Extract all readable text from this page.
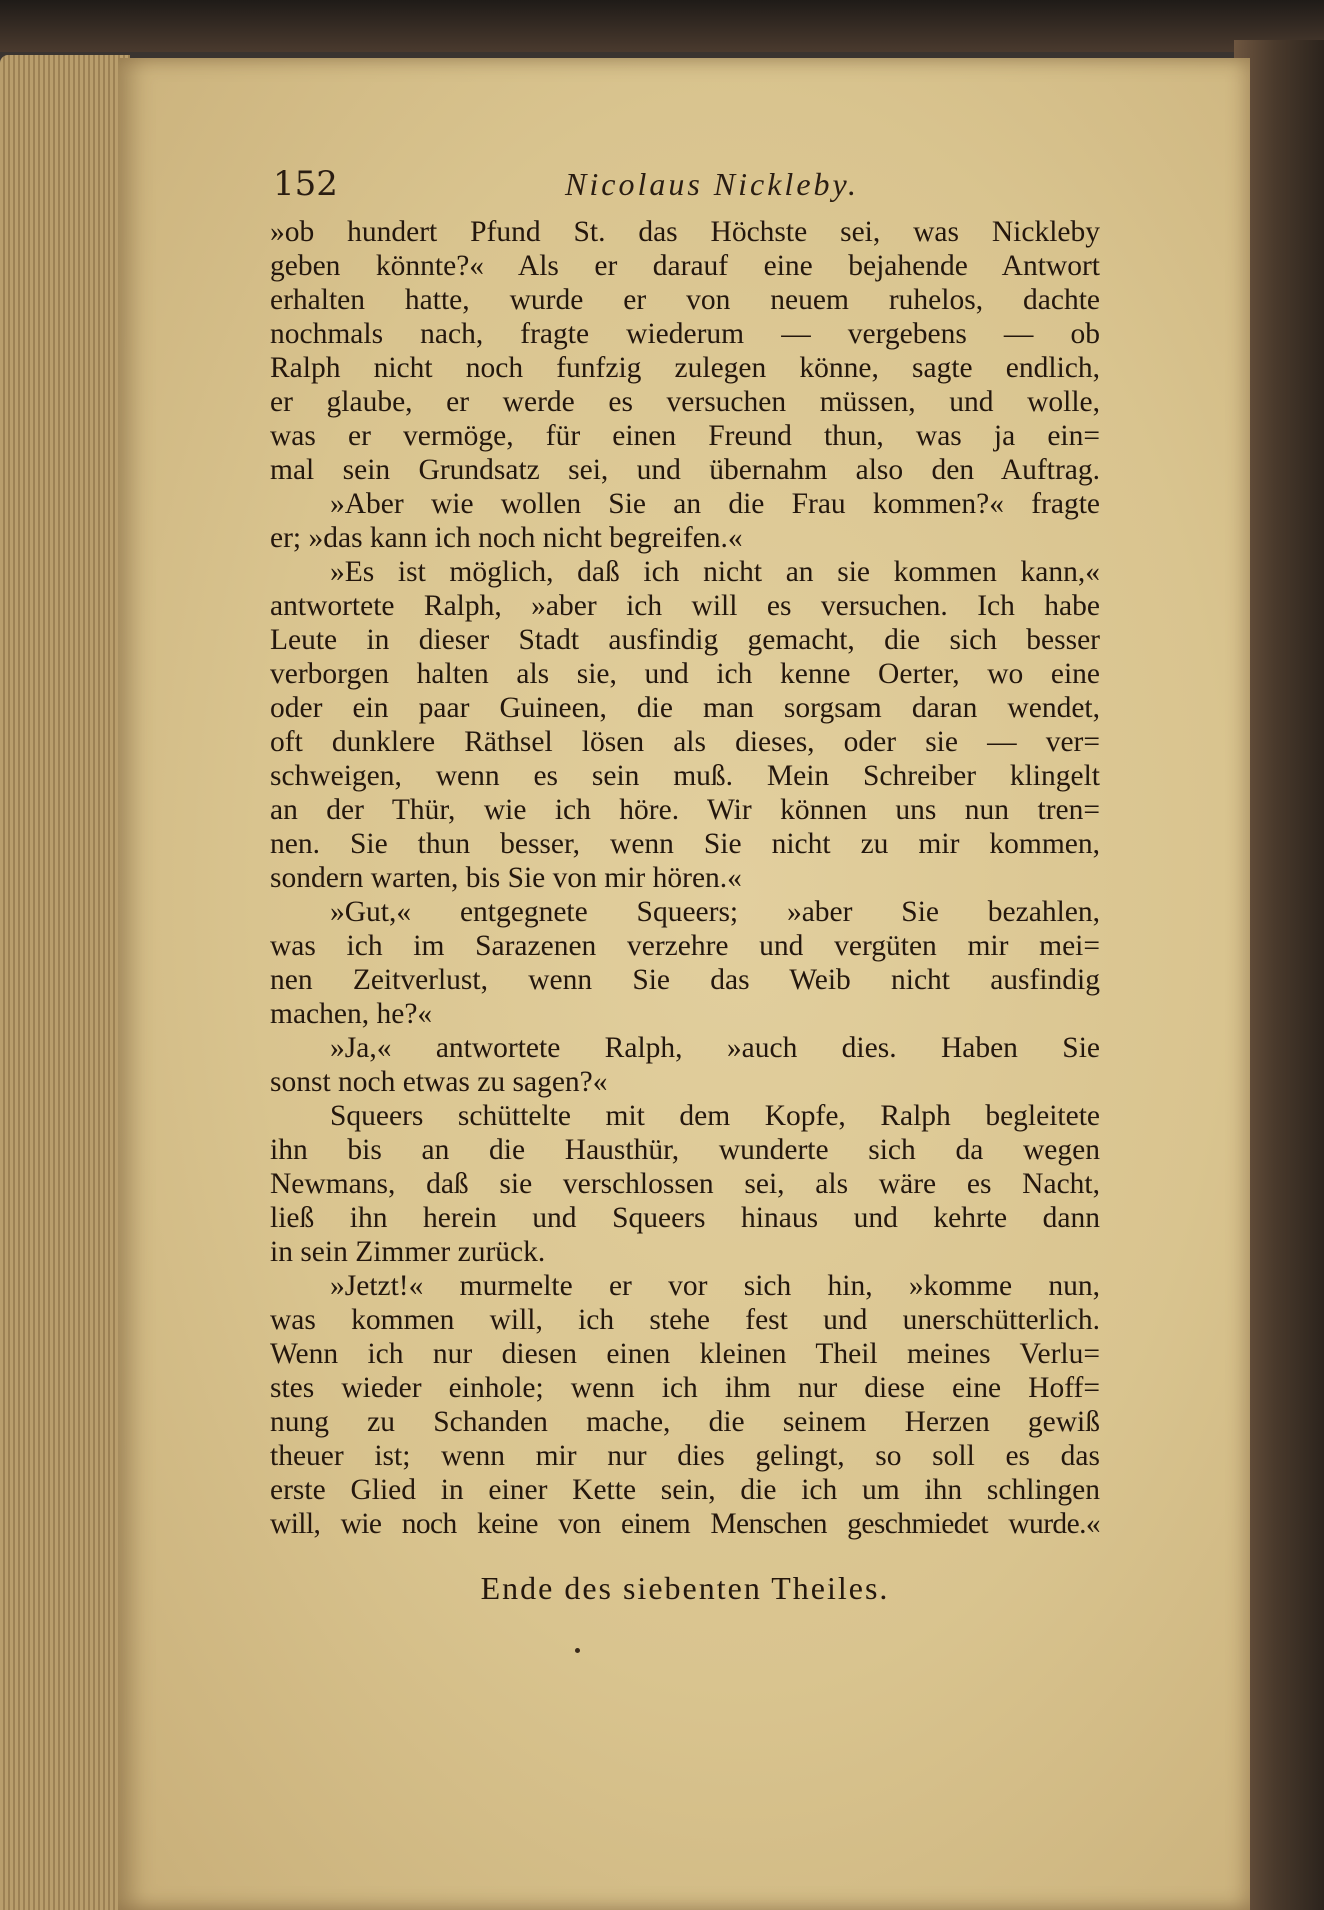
152	Nicolaus Nickleby.
»ob hundert Pfund St. das Höchste sei, was Nickleby
geben könnte?« Als er darauf eine bejahende Antwort
erhalten hatte, wurde er von neuem ruhelos, dachte
nochmals nach, fragte wiederum — vergebens — ob
Ralph nicht noch funfzig zulegen könne, sagte endlich,
er glaube, er werde es versuchen müssen, und wolle,
was er vermöge, für einen Freund thun, was ja ein=
mal sein Grundsatz sei, und übernahm also den Auftrag.
»Aber wie wollen Sie an die Frau kommen?« fragte
er; »das kann ich noch nicht begreifen.«
»Es ist möglich, daß ich nicht an sie kommen kann,«
antwortete Ralph, »aber ich will es versuchen. Ich habe
Leute in dieser Stadt ausfindig gemacht, die sich besser
verborgen halten als sie, und ich kenne Oerter, wo eine
oder ein paar Guineen, die man sorgsam daran wendet,
oft dunklere Räthsel lösen als dieses, oder sie — ver=
schweigen, wenn es sein muß. Mein Schreiber klingelt
an der Thür, wie ich höre. Wir können uns nun tren=
nen. Sie thun besser, wenn Sie nicht zu mir kommen,
sondern warten, bis Sie von mir hören.«
»Gut,« entgegnete Squeers; »aber Sie bezahlen,
was ich im Sarazenen verzehre und vergüten mir mei=
nen Zeitverlust, wenn Sie das Weib nicht ausfindig
machen, he?«
»Ja,« antwortete Ralph, »auch dies. Haben Sie
sonst noch etwas zu sagen?«
Squeers schüttelte mit dem Kopfe, Ralph begleitete
ihn bis an die Hausthür, wunderte sich da wegen
Newmans, daß sie verschlossen sei, als wäre es Nacht,
ließ ihn herein und Squeers hinaus und kehrte dann
in sein Zimmer zurück.
»Jetzt!« murmelte er vor sich hin, »komme nun,
was kommen will, ich stehe fest und unerschütterlich.
Wenn ich nur diesen einen kleinen Theil meines Verlu=
stes wieder einhole; wenn ich ihm nur diese eine Hoff=
nung zu Schanden mache, die seinem Herzen gewiß
theuer ist; wenn mir nur dies gelingt, so soll es das
erste Glied in einer Kette sein, die ich um ihn schlingen
will, wie noch keine von einem Menschen geschmiedet wurde.«
Ende des siebenten Theiles.
